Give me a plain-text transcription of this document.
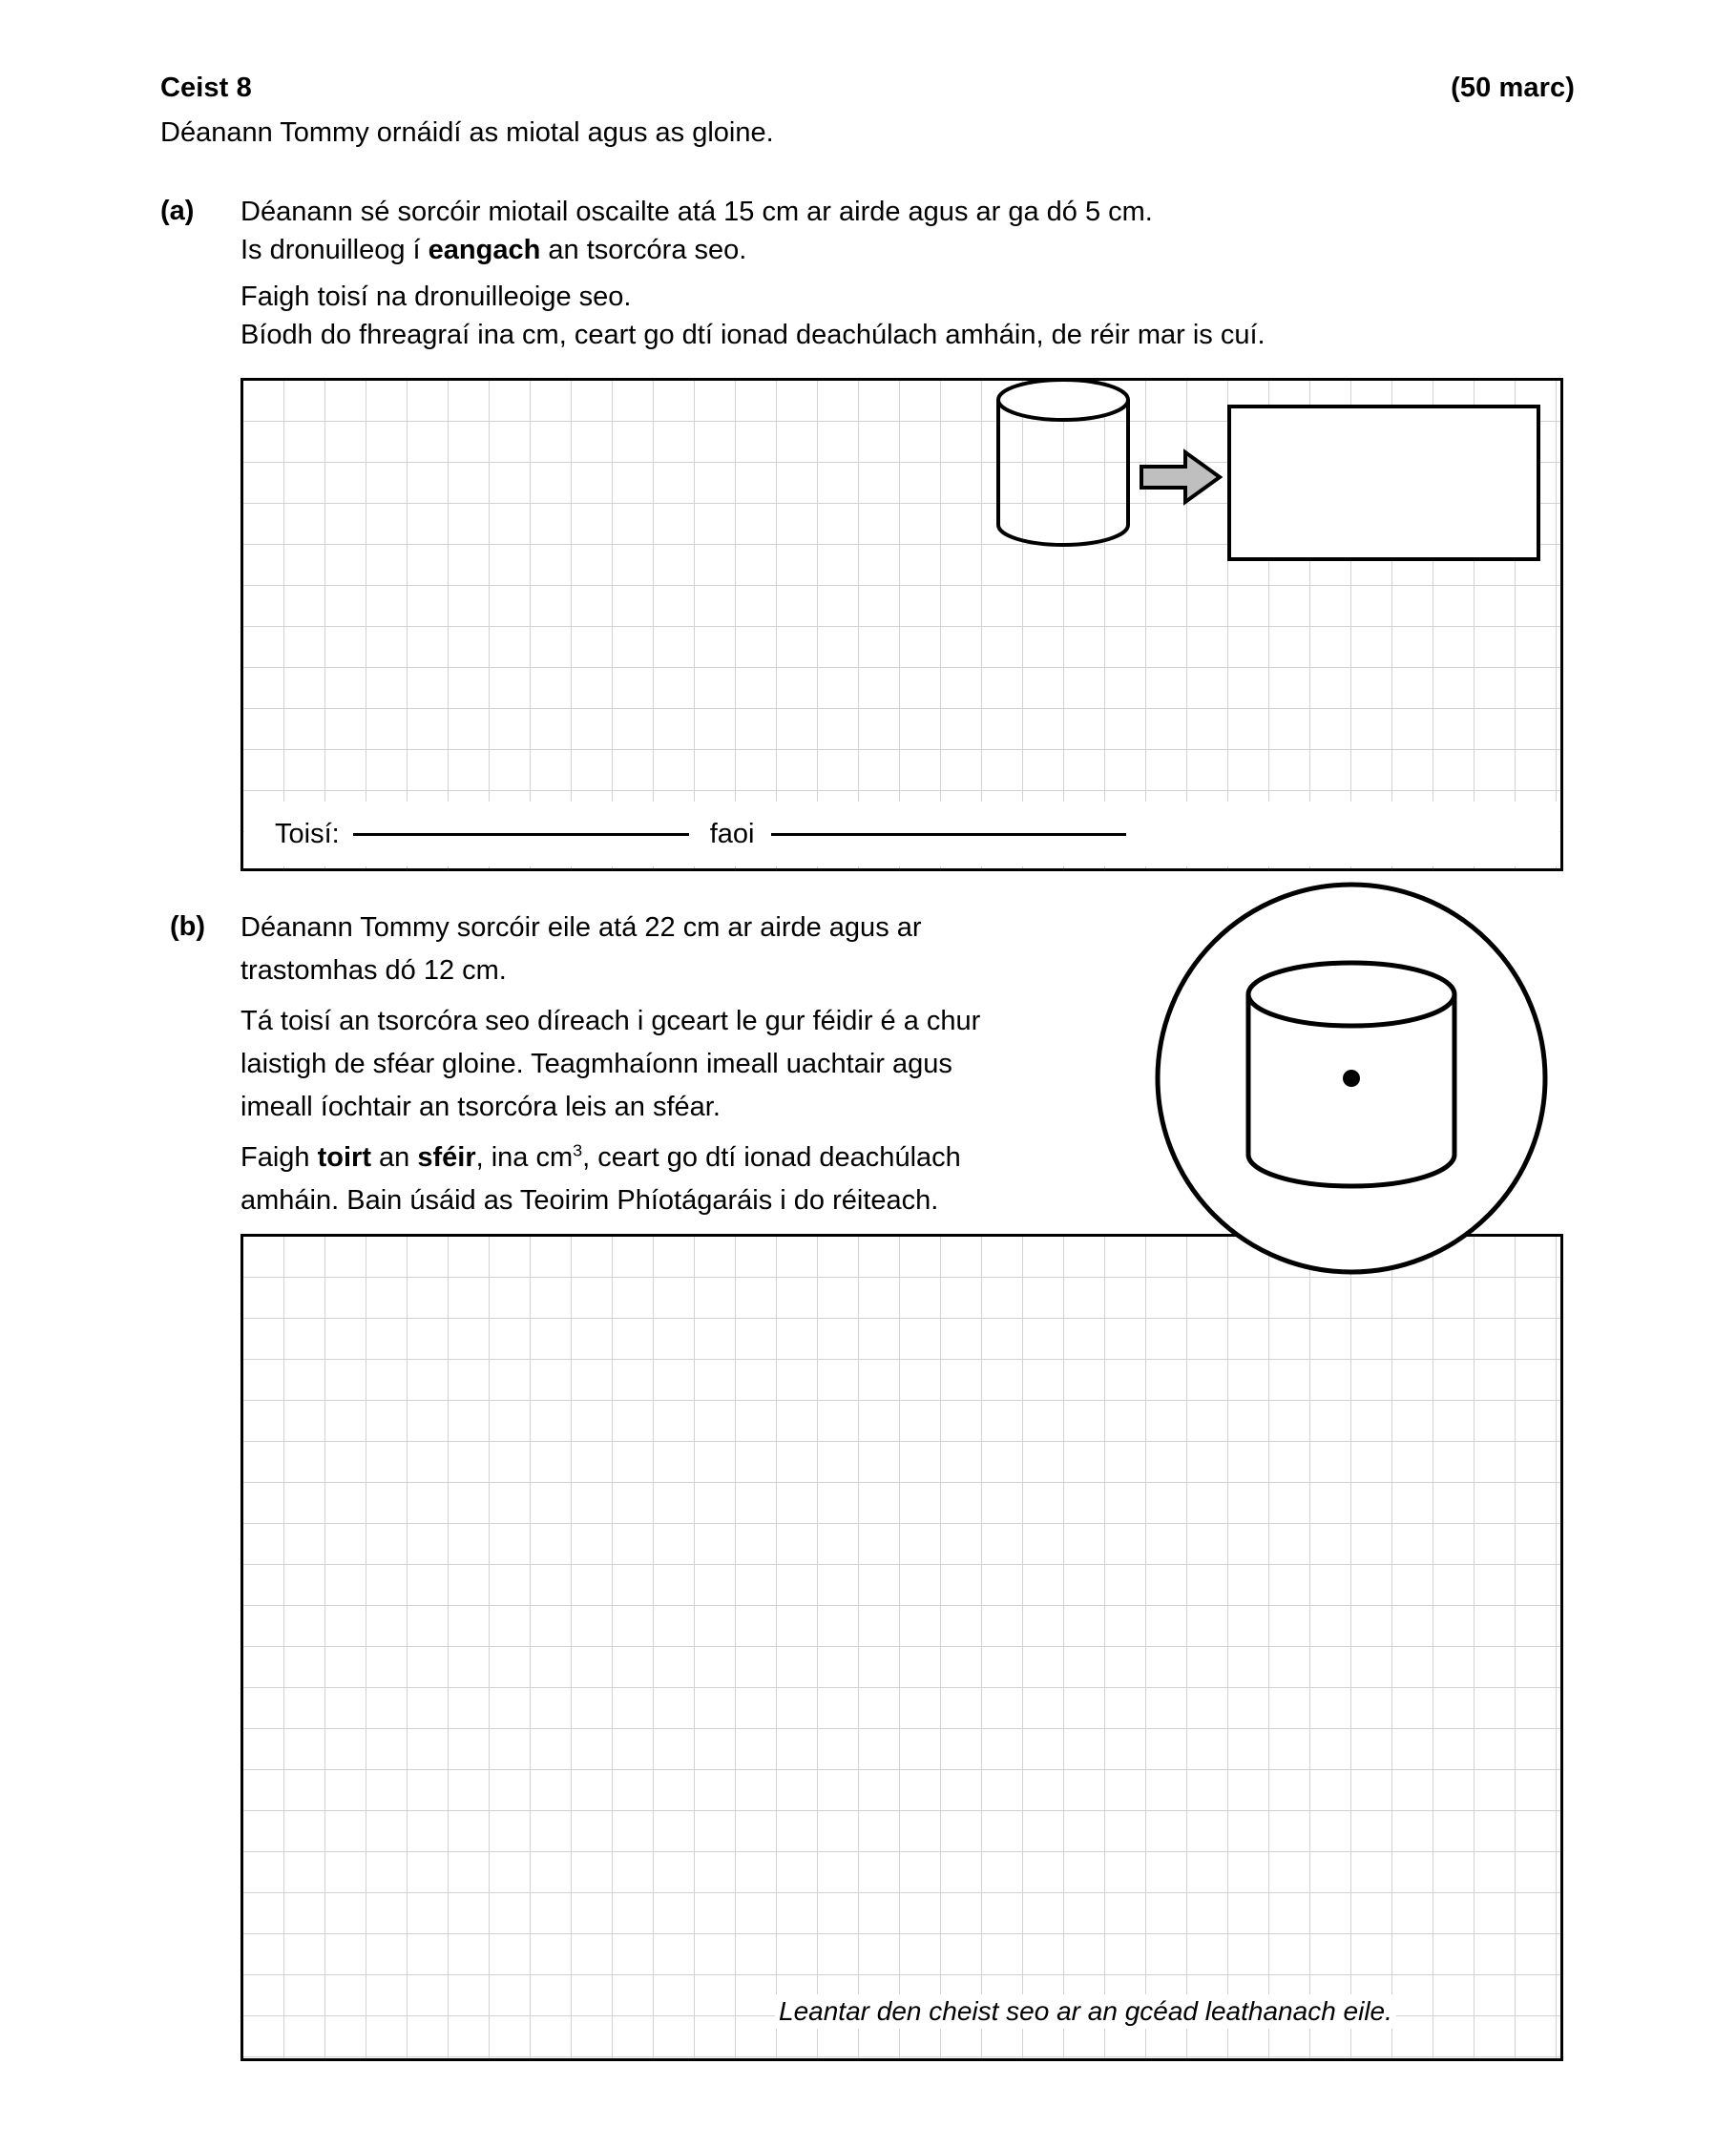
Ceist 8	(50 marc)
Déanann Tommy ornáidí as miotal agus as gloine.
(a) Déanann sé sorcóir miotail oscailte atá 15 cm ar airde agus ar ga dó 5 cm.
Is dronuilleog í eangach an tsorcóra seo.
Faigh toisí na dronuilleoige seo.
Bíodh do fhreagraí ina cm, ceart go dtí ionad deachúlach amháin, de réir mar is cuí.
Toisí:	faoi
(b) Déanann Tommy sorcóir eile atá 22 cm ar airde agus ar
trastomhas dó 12 cm.
Tá toisí an tsorcóra seo díreach i gceart le gur féidir é a chur
laistigh de sféar gloine. Teagmhaíonn imeall uachtair agus
imeall íochtair an tsorcóra leis an sféar.
Faigh toirt an sféir, ina $cm^3$, ceart go dtí ionad deachúlach
amháin. Bain úsáid as Teoirim Phíotágaráis i do réiteach.
Leantar den cheist seo ar an gcéad leathanach eile.
